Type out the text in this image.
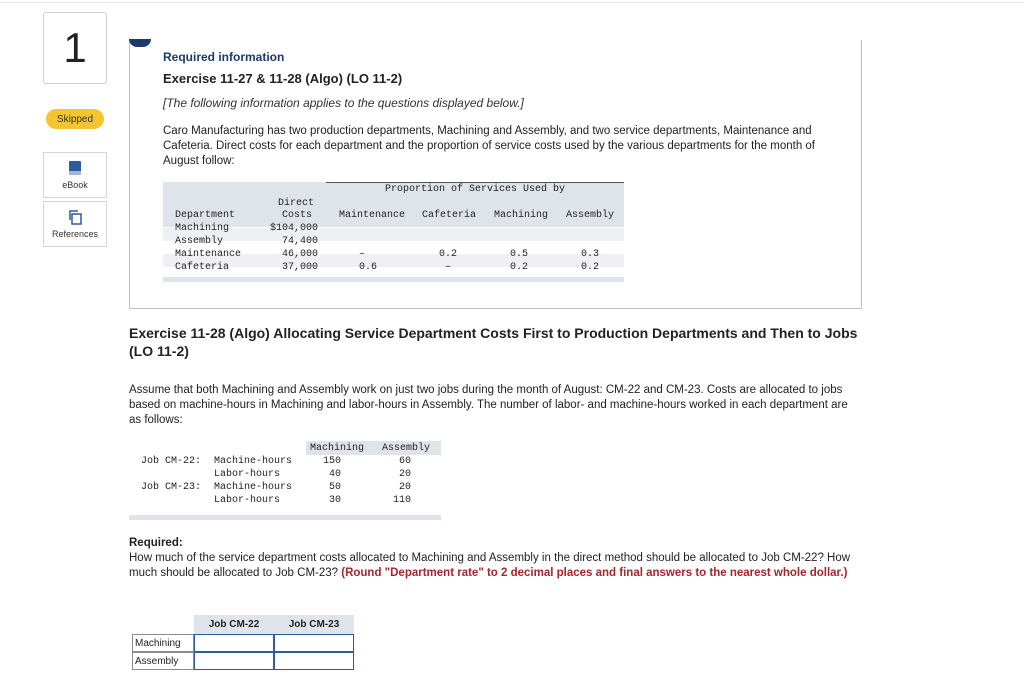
1
Skipped
eBook
References
Required information
Exercise 11-27 & 11-28 (Algo) (LO 11-2)
[The following information applies to the questions displayed below.]
Caro Manufacturing has two production departments, Machining and Assembly, and two service departments, Maintenance and Cafeteria. Direct costs for each department and the proportion of service costs used by the various departments for the month of August follow:
Proportion of Services Used by
Direct
Department	Costs	Maintenance Cafeteria Machining Assembly
Machining	$104,000
Assembly	74,400
Maintenance	46,000	–	0.2	0.5	0.3
Cafeteria	37,000	0.6	–	0.2	0.2
Exercise 11-28 (Algo) Allocating Service Department Costs First to Production Departments and Then to Jobs (LO 11-2)
Assume that both Machining and Assembly work on just two jobs during the month of August: CM-22 and CM-23. Costs are allocated to jobs based on machine-hours in Machining and labor-hours in Assembly. The number of labor- and machine-hours worked in each department are as follows:
Machining Assembly
Job CM-22: Machine-hours	150	60
Labor-hours	40	20
Job CM-23: Machine-hours	50	20
Labor-hours	30	110
Required:
How much of the service department costs allocated to Machining and Assembly in the direct method should be allocated to Job CM-22? How much should be allocated to Job CM-23? (Round "Department rate" to 2 decimal places and final answers to the nearest whole dollar.)
Job CM-22	Job CM-23
Machining
Assembly
